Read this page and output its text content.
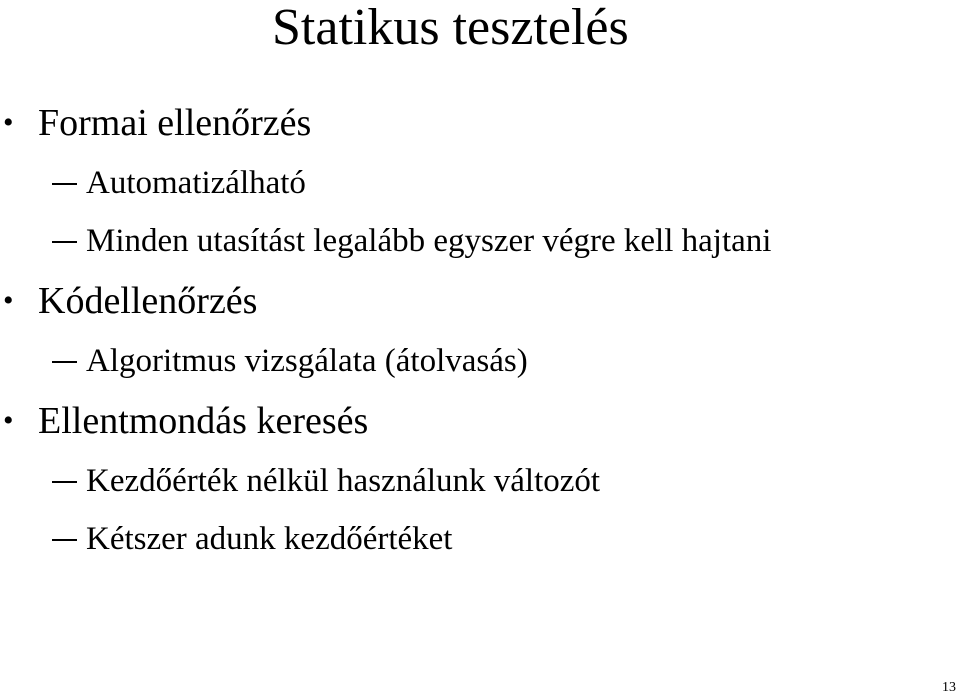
Statikus tesztelés
• Formai ellenőrzés
Automatizálható
Minden utasítást legalább egyszer végre kell hajtani
• Kódellenőrzés
Algoritmus vizsgálata (átolvasás)
• Ellentmondás keresés
Kezdőérték nélkül használunk változót
Kétszer adunk kezdőértéket
13
